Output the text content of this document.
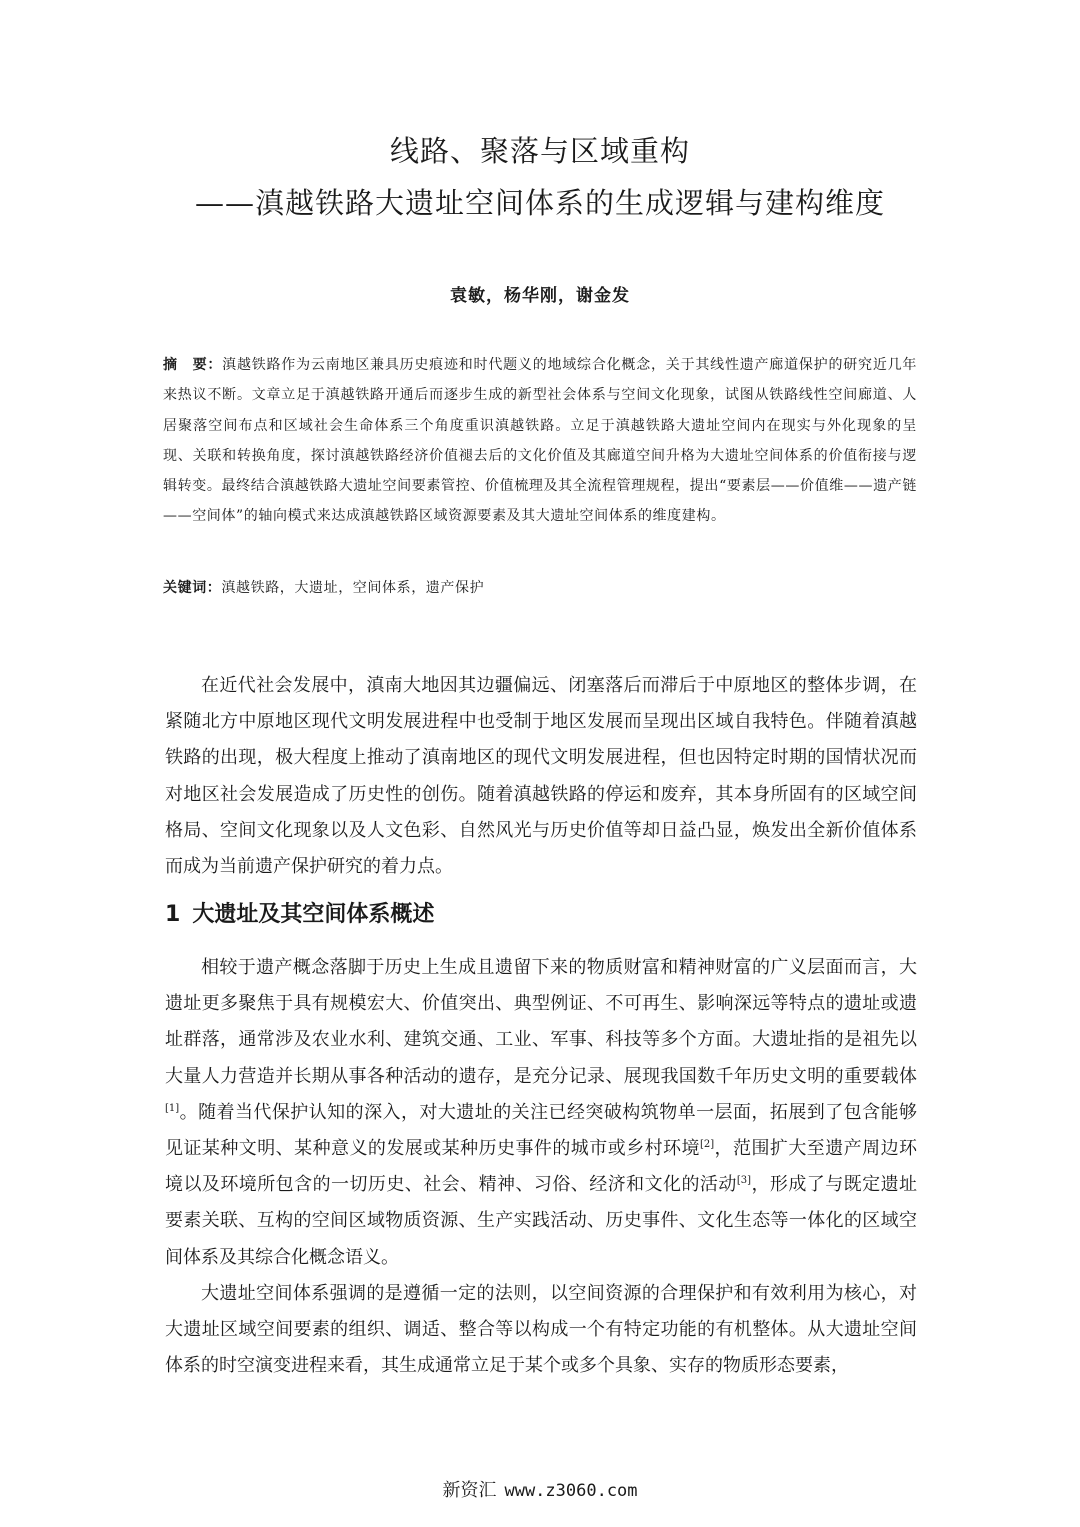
线路、聚落与区域重构
——滇越铁路大遗址空间体系的生成逻辑与建构维度
袁敏，杨华刚，谢金发

摘　要：滇越铁路作为云南地区兼具历史痕迹和时代题义的地域综合化概念，关于其线性遗产廊道保护的研究近几年来热议不断。文章立足于滇越铁路开通后而逐步生成的新型社会体系与空间文化现象，试图从铁路线性空间廊道、人居聚落空间布点和区域社会生命体系三个角度重识滇越铁路。立足于滇越铁路大遗址空间内在现实与外化现象的呈现、关联和转换角度，探讨滇越铁路经济价值褪去后的文化价值及其廊道空间升格为大遗址空间体系的价值衔接与逻辑转变。最终结合滇越铁路大遗址空间要素管控、价值梳理及其全流程管理规程，提出“要素层——价值维——遗产链——空间体”的轴向模式来达成滇越铁路区域资源要素及其大遗址空间体系的维度建构。

关键词：滇越铁路，大遗址，空间体系，遗产保护

在近代社会发展中，滇南大地因其边疆偏远、闭塞落后而滞后于中原地区的整体步调，在紧随北方中原地区现代文明发展进程中也受制于地区发展而呈现出区域自我特色。伴随着滇越铁路的出现，极大程度上推动了滇南地区的现代文明发展进程，但也因特定时期的国情状况而对地区社会发展造成了历史性的创伤。随着滇越铁路的停运和废弃，其本身所固有的区域空间格局、空间文化现象以及人文色彩、自然风光与历史价值等却日益凸显，焕发出全新价值体系而成为当前遗产保护研究的着力点。

1 大遗址及其空间体系概述

相较于遗产概念落脚于历史上生成且遗留下来的物质财富和精神财富的广义层面而言，大遗址更多聚焦于具有规模宏大、价值突出、典型例证、不可再生、影响深远等特点的遗址或遗址群落，通常涉及农业水利、建筑交通、工业、军事、科技等多个方面。大遗址指的是祖先以大量人力营造并长期从事各种活动的遗存，是充分记录、展现我国数千年历史文明的重要载体[1]。随着当代保护认知的深入，对大遗址的关注已经突破构筑物单一层面，拓展到了包含能够见证某种文明、某种意义的发展或某种历史事件的城市或乡村环境[2]，范围扩大至遗产周边环境以及环境所包含的一切历史、社会、精神、习俗、经济和文化的活动[3]，形成了与既定遗址要素关联、互构的空间区域物质资源、生产实践活动、历史事件、文化生态等一体化的区域空间体系及其综合化概念语义。

大遗址空间体系强调的是遵循一定的法则，以空间资源的合理保护和有效利用为核心，对大遗址区域空间要素的组织、调适、整合等以构成一个有特定功能的有机整体。从大遗址空间体系的时空演变进程来看，其生成通常立足于某个或多个具象、实存的物质形态要素，

新资汇 www.z3060.com
